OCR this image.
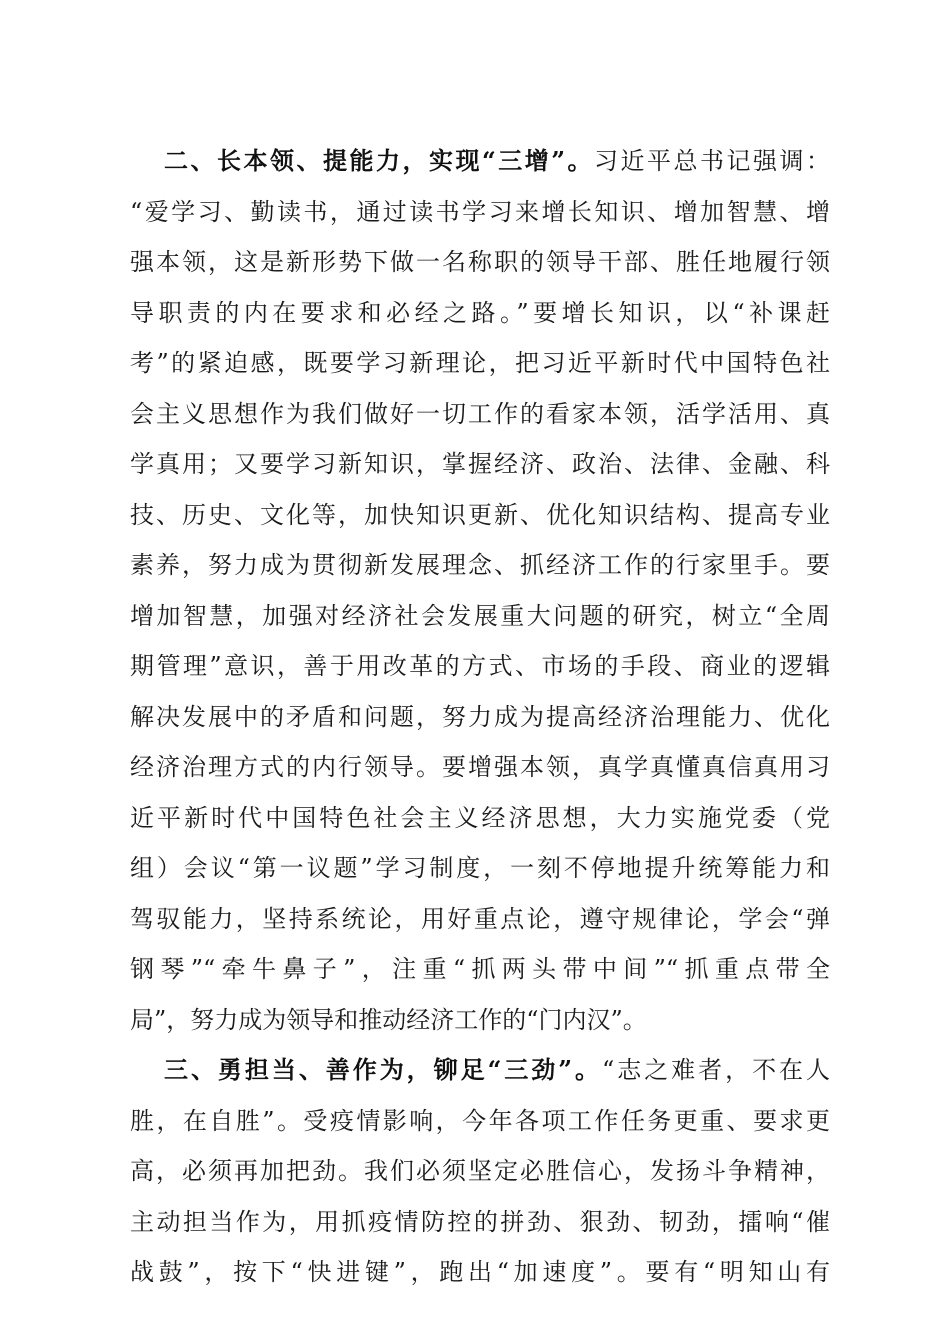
二、长本领、提能力，实现“三增”。习近平总书记强调：
“爱学习、勤读书，通过读书学习来增长知识、增加智慧、增
强本领，这是新形势下做一名称职的领导干部、胜任地履行领
导职责的内在要求和必经之路。”要增长知识，以“补课赶
考”的紧迫感，既要学习新理论，把习近平新时代中国特色社
会主义思想作为我们做好一切工作的看家本领，活学活用、真
学真用；又要学习新知识，掌握经济、政治、法律、金融、科
技、历史、文化等，加快知识更新、优化知识结构、提高专业
素养，努力成为贯彻新发展理念、抓经济工作的行家里手。要
增加智慧，加强对经济社会发展重大问题的研究，树立“全周
期管理”意识，善于用改革的方式、市场的手段、商业的逻辑
解决发展中的矛盾和问题，努力成为提高经济治理能力、优化
经济治理方式的内行领导。要增强本领，真学真懂真信真用习
近平新时代中国特色社会主义经济思想，大力实施党委（党
组）会议“第一议题”学习制度，一刻不停地提升统筹能力和
驾驭能力，坚持系统论，用好重点论，遵守规律论，学会“弹
钢琴”“牵牛鼻子”，注重“抓两头带中间”“抓重点带全
局”，努力成为领导和推动经济工作的“门内汉”。
三、勇担当、善作为，铆足“三劲”。“志之难者，不在人
胜，在自胜”。受疫情影响，今年各项工作任务更重、要求更
高，必须再加把劲。我们必须坚定必胜信心，发扬斗争精神，
主动担当作为，用抓疫情防控的拼劲、狠劲、韧劲，擂响“催
战鼓”，按下“快进键”，跑出“加速度”。要有“明知山有
